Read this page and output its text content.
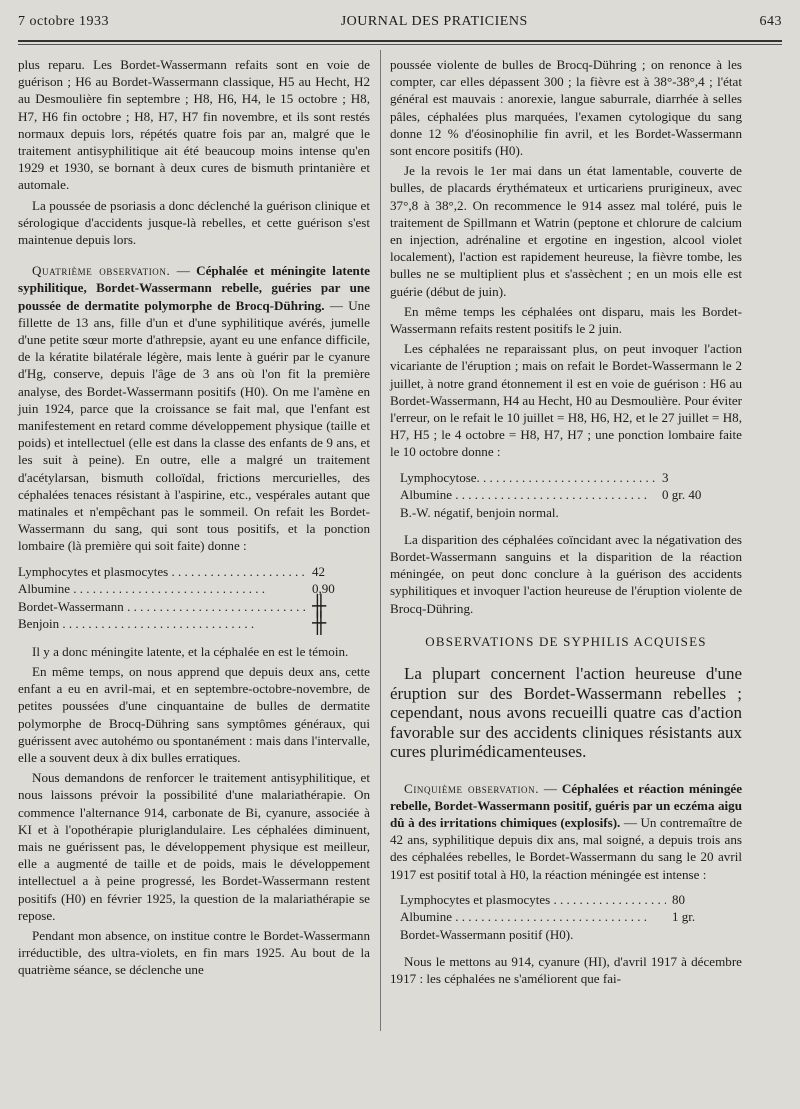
7 octobre 1933	JOURNAL DES PRATICIENS	643

plus reparu. Les Bordet-Wassermann refaits sont en voie de guérison ; H6 au Bordet-Wassermann classique, H5 au Hecht, H2 au Desmoulière fin septembre ; H8, H6, H4, le 15 octobre ; H8, H7, H6 fin octobre ; H8, H7, H7 fin novembre, et ils sont restés normaux depuis lors, répétés quatre fois par an, malgré que le traitement antisyphilitique ait été beaucoup moins intense qu'en 1929 et 1930, se bornant à deux cures de bismuth printanière et automale.

La poussée de psoriasis a donc déclenché la guérison clinique et sérologique d'accidents jusque-là rebelles, et cette guérison s'est maintenue depuis lors.

Quatrième observation. — Céphalée et méningite latente syphilitique, Bordet-Wassermann rebelle, guéries par une poussée de dermatite polymorphe de Brocq-Dühring. — Une fillette de 13 ans, fille d'un et d'une syphilitique avérés, jumelle d'une petite sœur morte d'athrepsie, ayant eu une enfance difficile, de la kératite bilatérale légère, mais lente à guérir par le cyanure d'Hg, conserve, depuis l'âge de 3 ans où l'on fit la première analyse, des Bordet-Wassermann positifs (H0). On me l'amène en juin 1924, parce que la croissance se fait mal, que l'enfant est manifestement en retard comme développement physique (taille et poids) et intellectuel (elle est dans la classe des enfants de 9 ans, et les suit à peine). En outre, elle a malgré un traitement d'acétylarsan, bismuth colloïdal, frictions mercurielles, des céphalées tenaces résistant à l'aspirine, etc., vespérales autant que matinales et n'empêchant pas le sommeil. On refait les Bordet-Wassermann du sang, qui sont tous positifs, et la ponction lombaire (là première qui soit faite) donne :

Lymphocytes et plasmocytes . . .	42
Albumine . . .	0,90
Bordet-Wassermann . . .	╫
Benjoin . . .	╫

Il y a donc méningite latente, et la céphalée en est le témoin.

En même temps, on nous apprend que depuis deux ans, cette enfant a eu en avril-mai, et en septembre-octobre-novembre, de petites poussées d'une cinquantaine de bulles de dermatite polymorphe de Brocq-Dühring sans symptômes généraux, qui guérissent avec autohémo ou spontanément : mais dans l'intervalle, elle a souvent deux à dix bulles erratiques.

Nous demandons de renforcer le traitement antisyphilitique, et nous laissons prévoir la possibilité d'une malariathérapie. On commence l'alternance 914, carbonate de Bi, cyanure, associée à KI et à l'opothérapie pluriglandulaire. Les céphalées diminuent, mais ne guérissent pas, le développement physique est meilleur, elle a augmenté de taille et de poids, mais le développement intellectuel a à peine progressé, les Bordet-Wassermann restent positifs (H0) en février 1925, la question de la malariathérapie se repose.

Pendant mon absence, on institue contre le Bordet-Wassermann irréductible, des ultra-violets, en fin mars 1925. Au bout de la quatrième séance, se déclenche une

poussée violente de bulles de Brocq-Dühring ; on renonce à les compter, car elles dépassent 300 ; la fièvre est à 38°-38°,4 ; l'état général est mauvais : anorexie, langue saburrale, diarrhée à selles pâles, céphalées plus marquées, l'examen cytologique du sang donne 12 % d'éosinophilie fin avril, et les Bordet-Wassermann sont encore positifs (H0).

Je la revois le 1er mai dans un état lamentable, couverte de bulles, de placards érythémateux et urticariens prurigineux, avec 37°,8 à 38°,2. On recommence le 914 assez mal toléré, puis le traitement de Spillmann et Watrin (peptone et chlorure de calcium en injection, adrénaline et ergotine en ingestion, alcool violet localement), l'action est rapidement heureuse, la fièvre tombe, les bulles ne se multiplient plus et s'assèchent ; en un mois elle est guérie (début de juin).

En même temps les céphalées ont disparu, mais les Bordet-Wassermann refaits restent positifs le 2 juin.

Les céphalées ne reparaissant plus, on peut invoquer l'action vicariante de l'éruption ; mais on refait le Bordet-Wassermann le 2 juillet, à notre grand étonnement il est en voie de guérison : H6 au Bordet-Wassermann, H4 au Hecht, H0 au Desmoulière. Pour éviter l'erreur, on le refait le 10 juillet = H8, H6, H2, et le 27 juillet = H8, H7, H5 ; le 4 octobre = H8, H7, H7 ; une ponction lombaire faite le 10 octobre donne :

Lymphocytose. . . .	3
Albumine . . .	0 gr. 40
B.-W. négatif, benjoin normal.

La disparition des céphalées coïncidant avec la négativation des Bordet-Wassermann sanguins et la disparition de la réaction méningée, on peut donc conclure à la guérison des accidents syphilitiques et invoquer l'action heureuse de l'éruption violente de Brocq-Dühring.

OBSERVATIONS DE SYPHILIS ACQUISES

La plupart concernent l'action heureuse d'une éruption sur des Bordet-Wassermann rebelles ; cependant, nous avons recueilli quatre cas d'action favorable sur des accidents cliniques résistants aux cures plurimédicamenteuses.

Cinquième observation. — Céphalées et réaction méningée rebelle, Bordet-Wassermann positif, guéris par un eczéma aigu dû à des irritations chimiques (explosifs). — Un contremaître de 42 ans, syphilitique depuis dix ans, mal soigné, a depuis trois ans des céphalées rebelles, le Bordet-Wassermann du sang le 20 avril 1917 est positif total à H0, la réaction méningée est intense :

Lymphocytes et plasmocytes . . .	80
Albumine . . .	1 gr.
Bordet-Wassermann positif (H0).

Nous le mettons au 914, cyanure (HI), d'avril 1917 à décembre 1917 : les céphalées ne s'améliorent que fai-
